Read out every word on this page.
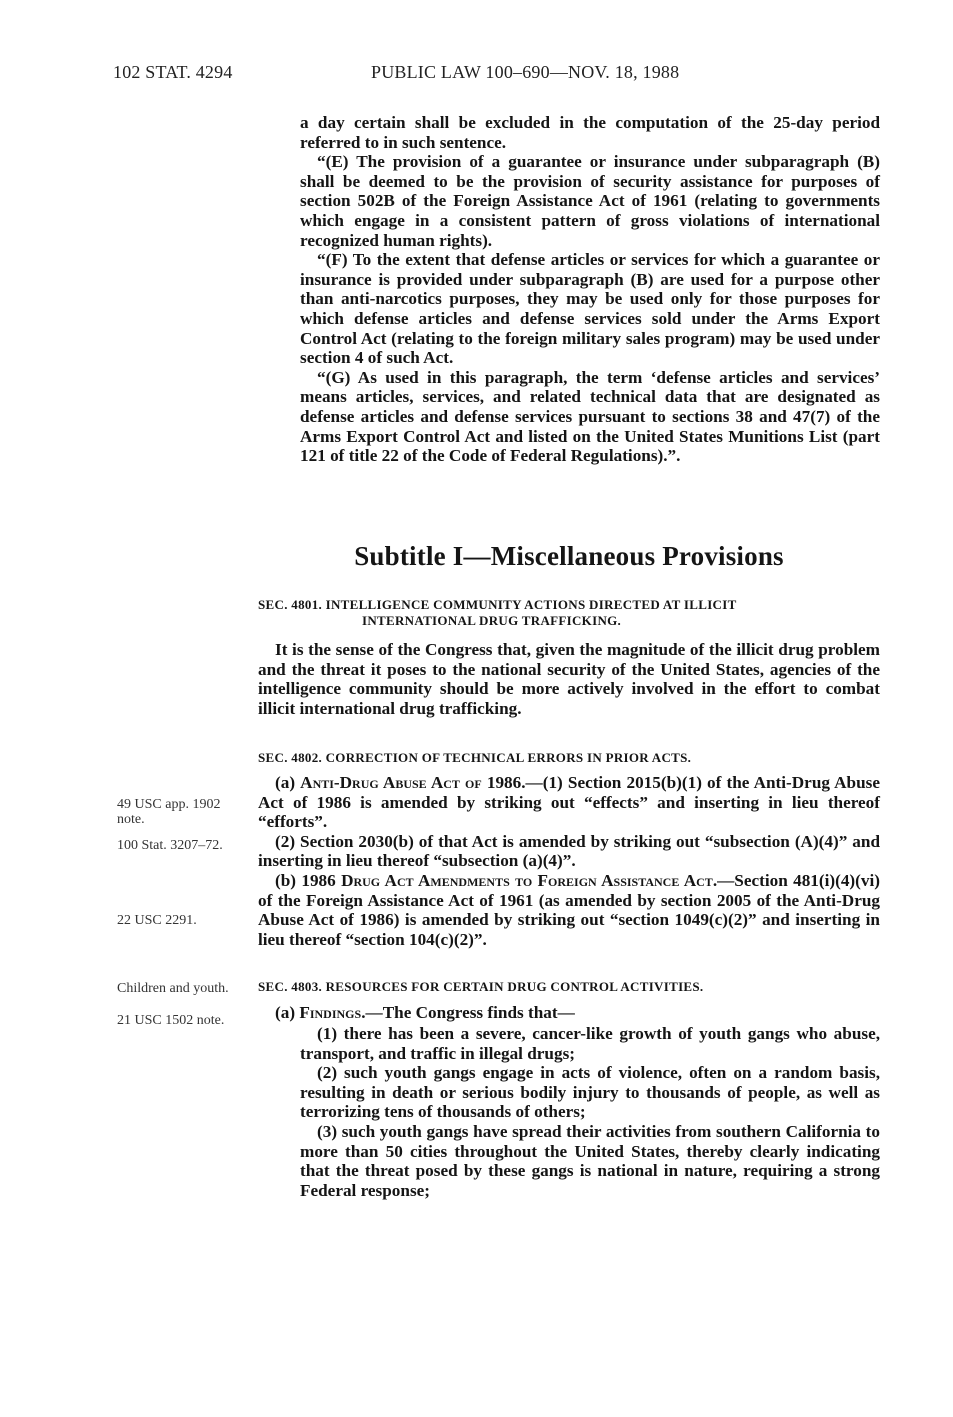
102 STAT. 4294	PUBLIC LAW 100–690—NOV. 18, 1988

a day certain shall be excluded in the computation of the 25-day period referred to in such sentence.

“(E) The provision of a guarantee or insurance under subparagraph (B) shall be deemed to be the provision of security assistance for purposes of section 502B of the Foreign Assistance Act of 1961 (relating to governments which engage in a consistent pattern of gross violations of international recognized human rights).

“(F) To the extent that defense articles or services for which a guarantee or insurance is provided under subparagraph (B) are used for a purpose other than anti-narcotics purposes, they may be used only for those purposes for which defense articles and defense services sold under the Arms Export Control Act (relating to the foreign military sales program) may be used under section 4 of such Act.

“(G) As used in this paragraph, the term ‘defense articles and services’ means articles, services, and related technical data that are designated as defense articles and defense services pursuant to sections 38 and 47(7) of the Arms Export Control Act and listed on the United States Munitions List (part 121 of title 22 of the Code of Federal Regulations).”.

Subtitle I—Miscellaneous Provisions

SEC. 4801. INTELLIGENCE COMMUNITY ACTIONS DIRECTED AT ILLICIT
INTERNATIONAL DRUG TRAFFICKING.

It is the sense of the Congress that, given the magnitude of the illicit drug problem and the threat it poses to the national security of the United States, agencies of the intelligence community should be more actively involved in the effort to combat illicit international drug trafficking.

SEC. 4802. CORRECTION OF TECHNICAL ERRORS IN PRIOR ACTS.

(a) Anti-Drug Abuse Act of 1986.—(1) Section 2015(b)(1) of the Anti-Drug Abuse Act of 1986 is amended by striking out “effects” and inserting in lieu thereof “efforts”.

(2) Section 2030(b) of that Act is amended by striking out “subsection (A)(4)” and inserting in lieu thereof “subsection (a)(4)”.

(b) 1986 Drug Act Amendments to Foreign Assistance Act.—Section 481(i)(4)(vi) of the Foreign Assistance Act of 1961 (as amended by section 2005 of the Anti-Drug Abuse Act of 1986) is amended by striking out “section 1049(c)(2)” and inserting in lieu thereof “section 104(c)(2)”.

SEC. 4803. RESOURCES FOR CERTAIN DRUG CONTROL ACTIVITIES.

(a) Findings.—The Congress finds that—

(1) there has been a severe, cancer-like growth of youth gangs who abuse, transport, and traffic in illegal drugs;

(2) such youth gangs engage in acts of violence, often on a random basis, resulting in death or serious bodily injury to thousands of people, as well as terrorizing tens of thousands of others;

(3) such youth gangs have spread their activities from southern California to more than 50 cities throughout the United States, thereby clearly indicating that the threat posed by these gangs is national in nature, requiring a strong Federal response;

49 USC app. 1902 note.
100 Stat. 3207–72.
22 USC 2291.
Children and youth.
21 USC 1502 note.
